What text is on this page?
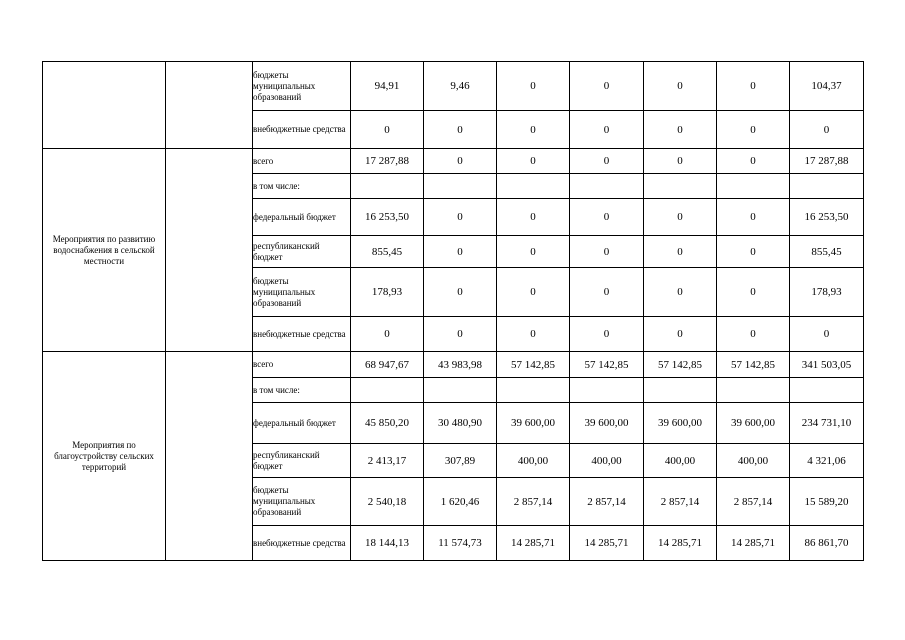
		бюджеты муниципальных образований	94,91	9,46	0	0	0	0	104,37
		внебюджетные средства	0	0	0	0	0	0	0
Мероприятия по развитию водоснабжения в сельской местности		всего	17 287,88	0	0	0	0	0	17 287,88
		в том числе:							
		федеральный бюджет	16 253,50	0	0	0	0	0	16 253,50
		республиканский бюджет	855,45	0	0	0	0	0	855,45
		бюджеты муниципальных образований	178,93	0	0	0	0	0	178,93
		внебюджетные средства	0	0	0	0	0	0	0
Мероприятия по благоустройству сельских территорий		всего	68 947,67	43 983,98	57 142,85	57 142,85	57 142,85	57 142,85	341 503,05
		в том числе:							
		федеральный бюджет	45 850,20	30 480,90	39 600,00	39 600,00	39 600,00	39 600,00	234 731,10
		республиканский бюджет	2 413,17	307,89	400,00	400,00	400,00	400,00	4 321,06
		бюджеты муниципальных образований	2 540,18	1 620,46	2 857,14	2 857,14	2 857,14	2 857,14	15 589,20
		внебюджетные средства	18 144,13	11 574,73	14 285,71	14 285,71	14 285,71	14 285,71	86 861,70
